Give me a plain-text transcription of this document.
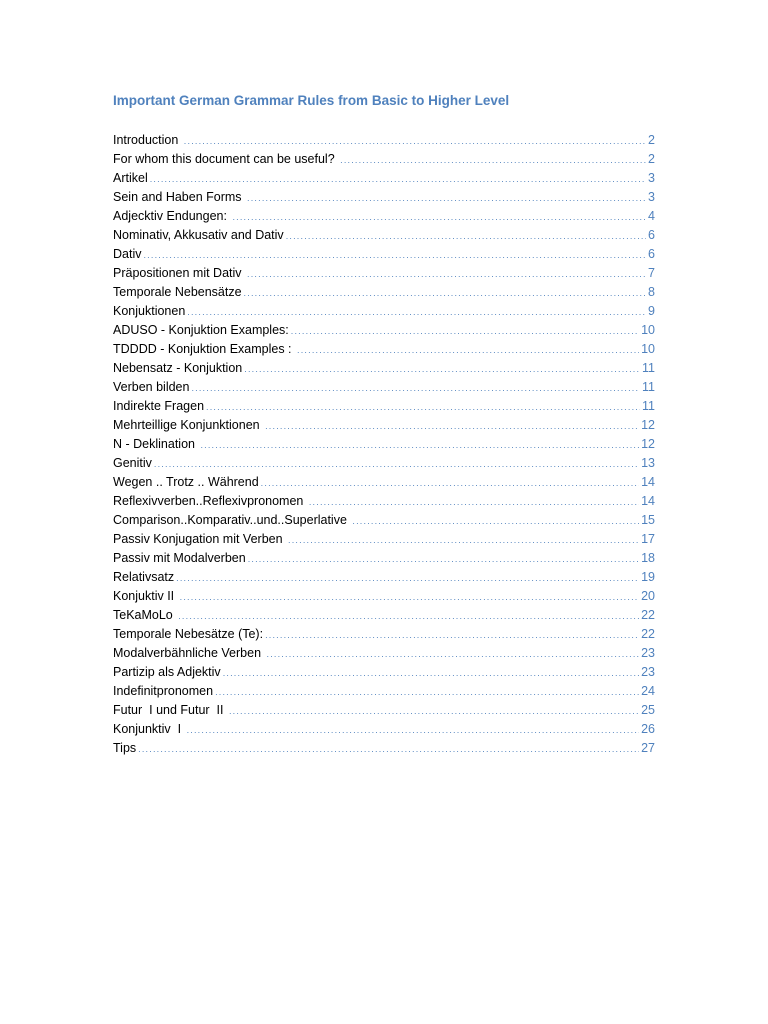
Important German Grammar Rules from Basic to Higher Level
Introduction .....	2
For whom this document can be useful? .....	2
Artikel .....	3
Sein and Haben Forms .....	3
Adjecktiv Endungen: .....	4
Nominativ, Akkusativ and Dativ .....	6
Dativ .....	6
Präpositionen mit Dativ .....	7
Temporale Nebensätze .....	8
Konjuktionen .....	9
ADUSO - Konjuktion Examples: .....	10
TDDDD - Konjuktion Examples : .....	10
Nebensatz - Konjuktion .....	11
Verben bilden .....	11
Indirekte Fragen .....	11
Mehrteillige Konjunktionen .....	12
N - Deklination .....	12
Genitiv .....	13
Wegen .. Trotz .. Während .....	14
Reflexivverben..Reflexivpronomen .....	14
Comparison..Komparativ..und..Superlative .....	15
Passiv Konjugation mit Verben .....	17
Passiv mit Modalverben .....	18
Relativsatz .....	19
Konjuktiv II .....	20
TeKaMoLo .....	22
Temporale Nebesätze (Te): .....	22
Modalverbähnliche Verben .....	23
Partizip als Adjektiv .....	23
Indefinitpronomen .....	24
Futur  I und Futur  II .....	25
Konjunktiv  I .....	26
Tips .....	27
